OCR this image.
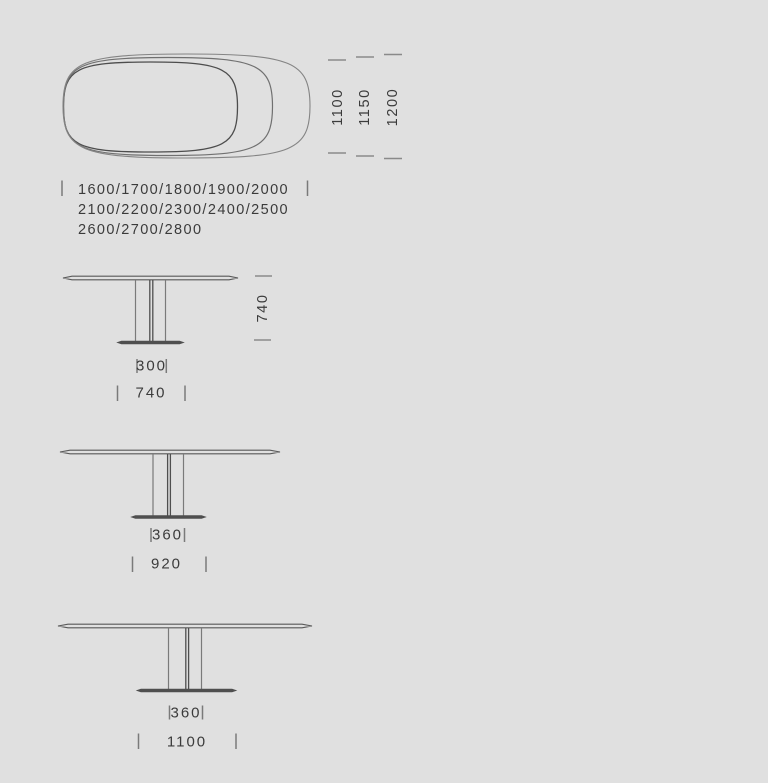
1100 1150 1200
1600/1700/1800/1900/2000
2100/2200/2300/2400/2500
2600/2700/2800
740
300
740
360
920
360
1100
